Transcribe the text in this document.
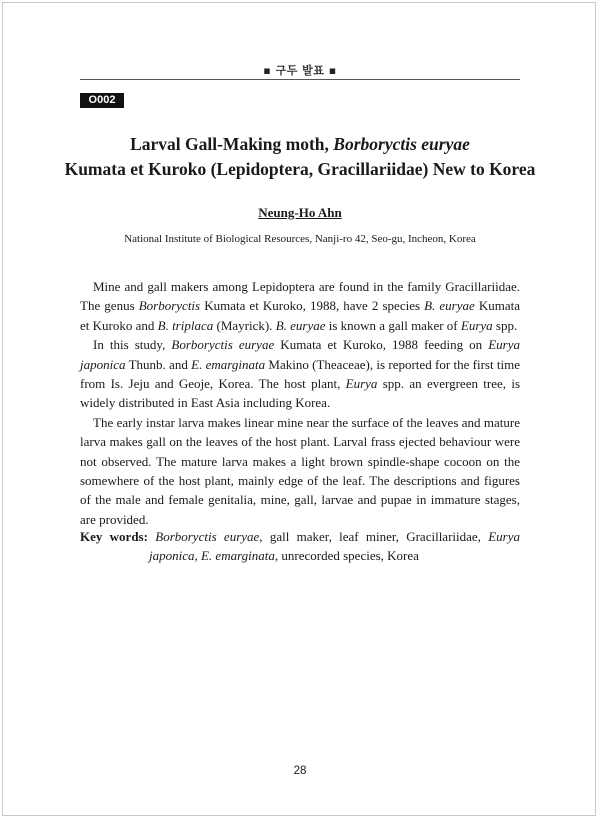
▪ 구두 발표 ▪
O002
Larval Gall-Making moth, Borboryctis euryae
Kumata et Kuroko (Lepidoptera, Gracillariidae) New to Korea
Neung-Ho Ahn
National Institute of Biological Resources, Nanji-ro 42, Seo-gu, Incheon, Korea

Mine and gall makers among Lepidoptera are found in the family Gracillariidae. The genus Borboryctis Kumata et Kuroko, 1988, have 2 species B. euryae Kumata et Kuroko and B. triplaca (Mayrick). B. euryae is known a gall maker of Eurya spp.

In this study, Borboryctis euryae Kumata et Kuroko, 1988 feeding on Eurya japonica Thunb. and E. emarginata Makino (Theaceae), is reported for the first time from Is. Jeju and Geoje, Korea. The host plant, Eurya spp. an evergreen tree, is widely distributed in East Asia including Korea.

The early instar larva makes linear mine near the surface of the leaves and mature larva makes gall on the leaves of the host plant. Larval frass ejected behaviour were not observed. The mature larva makes a light brown spindle-shape cocoon on the somewhere of the host plant, mainly edge of the leaf. The descriptions and figures of the male and female genitalia, mine, gall, larvae and pupae in immature stages, are provided.

Key words: Borboryctis euryae, gall maker, leaf miner, Gracillariidae, Eurya japonica, E. emarginata, unrecorded species, Korea
28
